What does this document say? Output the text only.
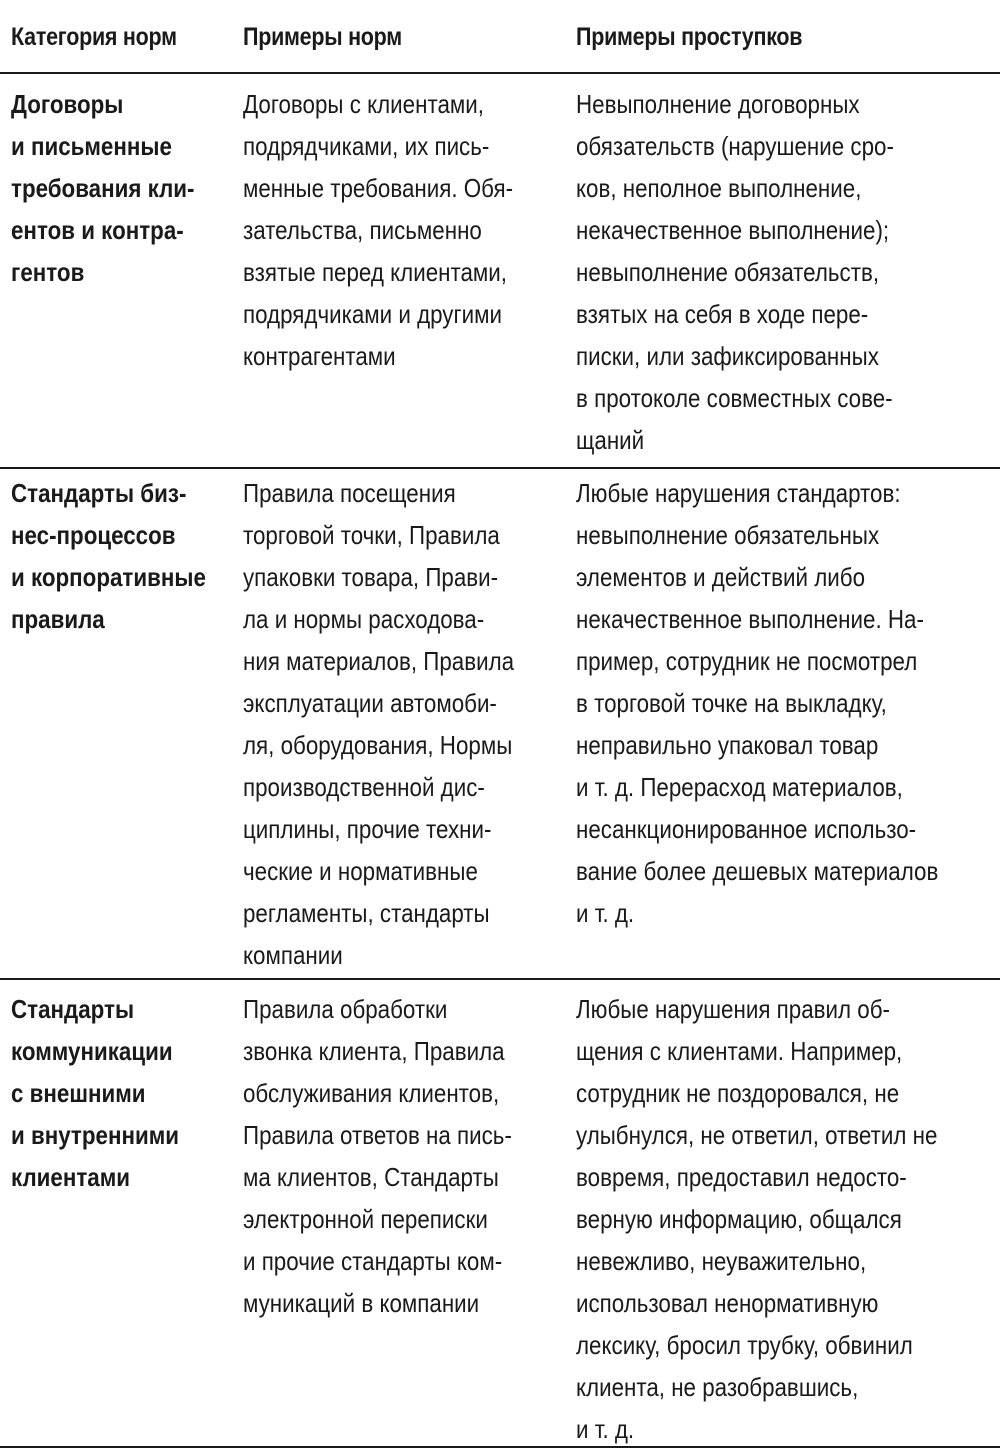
Категория норм	Примеры норм	Примеры проступков
Договоры
и письменные
требования кли-
ентов и контра-
гентов
Договоры с клиентами,
подрядчиками, их пись-
менные требования. Обя-
зательства, письменно
взятые перед клиентами,
подрядчиками и другими
контрагентами
Невыполнение договорных
обязательств (нарушение сро-
ков, неполное выполнение,
некачественное выполнение);
невыполнение обязательств,
взятых на себя в ходе пере-
писки, или зафиксированных
в протоколе совместных сове-
щаний
Стандарты биз-
нес-процессов
и корпоративные
правила
Правила посещения
торговой точки, Правила
упаковки товара, Прави-
ла и нормы расходова-
ния материалов, Правила
эксплуатации автомоби-
ля, оборудования, Нормы
производственной дис-
циплины, прочие техни-
ческие и нормативные
регламенты, стандарты
компании
Любые нарушения стандартов:
невыполнение обязательных
элементов и действий либо
некачественное выполнение. На-
пример, сотрудник не посмотрел
в торговой точке на выкладку,
неправильно упаковал товар
и т. д. Перерасход материалов,
несанкционированное использо-
вание более дешевых материалов
и т. д.
Стандарты
коммуникации
с внешними
и внутренними
клиентами
Правила обработки
звонка клиента, Правила
обслуживания клиентов,
Правила ответов на пись-
ма клиентов, Стандарты
электронной переписки
и прочие стандарты ком-
муникаций в компании
Любые нарушения правил об-
щения с клиентами. Например,
сотрудник не поздоровался, не
улыбнулся, не ответил, ответил не
вовремя, предоставил недосто-
верную информацию, общался
невежливо, неуважительно,
использовал ненормативную
лексику, бросил трубку, обвинил
клиента, не разобравшись,
и т. д.
